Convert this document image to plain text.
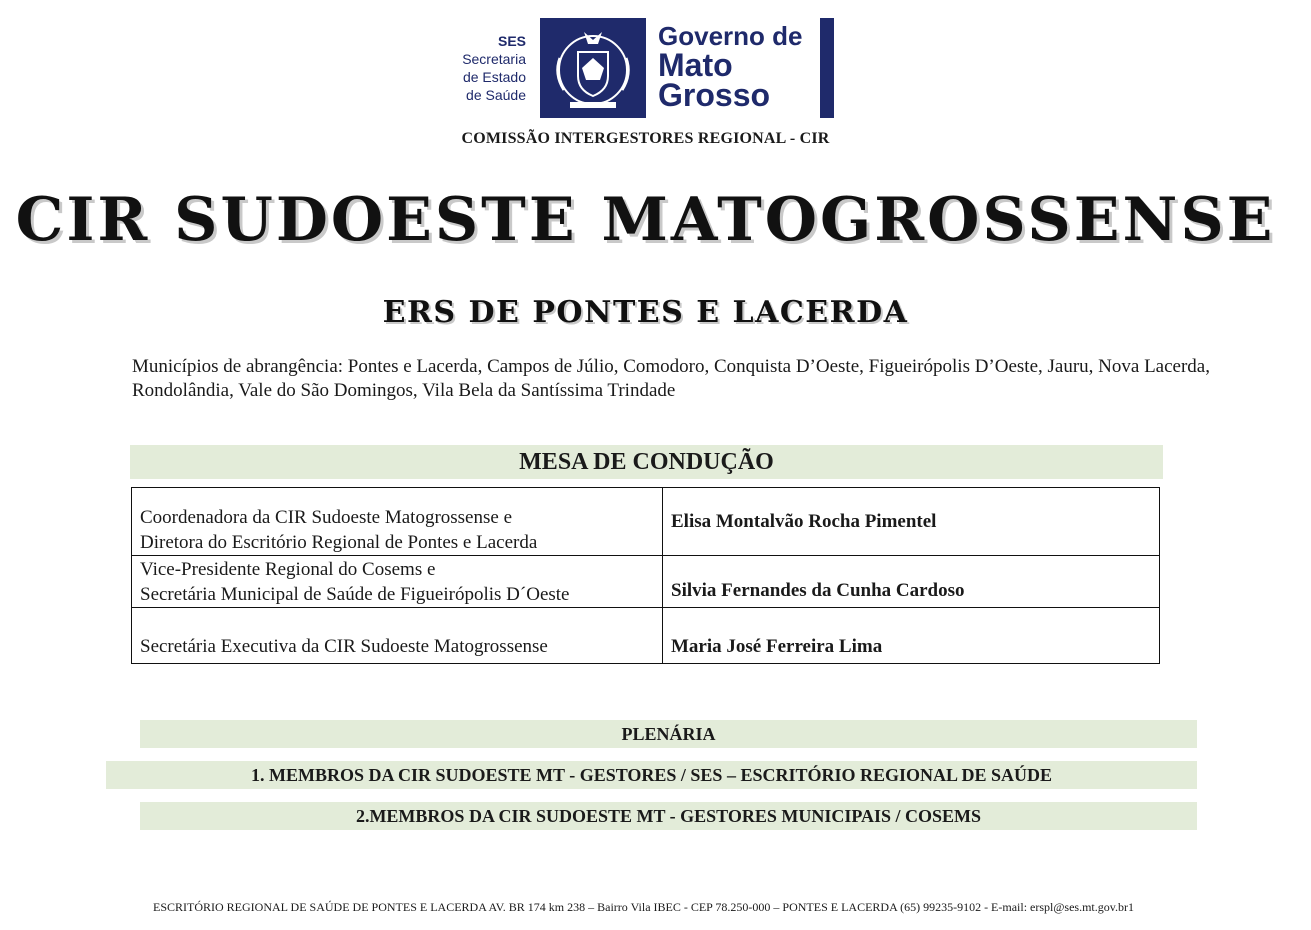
SES
Secretaria
de Estado
de Saúde
Governo de
Mato
Grosso
COMISSÃO INTERGESTORES REGIONAL - CIR
CIR SUDOESTE MATOGROSSENSE
ERS DE PONTES E LACERDA
Municípios de abrangência: Pontes e Lacerda, Campos de Júlio, Comodoro, Conquista D’Oeste, Figueirópolis D’Oeste, Jauru, Nova Lacerda, Rondolândia, Vale do São Domingos, Vila Bela da Santíssima Trindade
MESA DE CONDUÇÃO
Coordenadora da CIR Sudoeste Matogrossense e
Diretora do Escritório Regional de Pontes e Lacerda	Elisa Montalvão Rocha Pimentel

Vice-Presidente Regional do Cosems e
Secretária Municipal de Saúde de Figueirópolis D´Oeste	Silvia Fernandes da Cunha Cardoso

Secretária Executiva da CIR Sudoeste Matogrossense	Maria José Ferreira Lima
PLENÁRIA
1. MEMBROS DA CIR SUDOESTE MT - GESTORES / SES – ESCRITÓRIO REGIONAL DE SAÚDE
2.MEMBROS DA CIR SUDOESTE MT - GESTORES MUNICIPAIS / COSEMS
ESCRITÓRIO REGIONAL DE SAÚDE DE PONTES E LACERDA AV. BR 174 km 238 – Bairro Vila IBEC - CEP 78.250-000 – PONTES E LACERDA (65) 99235-9102 - E-mail: erspl@ses.mt.gov.br1
